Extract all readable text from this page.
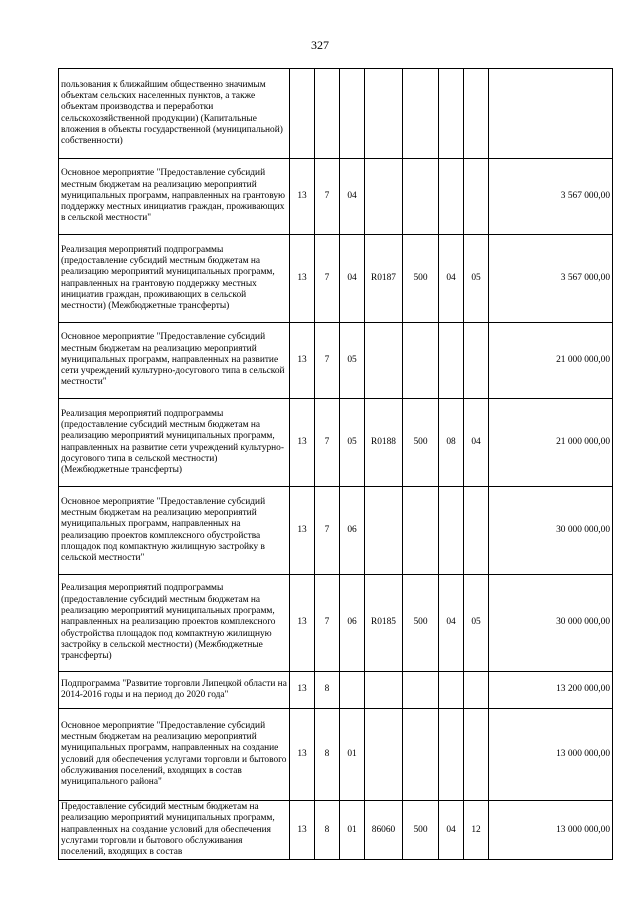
327
пользования к ближайшим общественно значимым объектам сельских населенных пунктов, а также объектам производства и переработки сельскохозяйственной продукции) (Капитальные вложения в объекты государственной (муниципальной) собственности)								
Основное мероприятие "Предоставление субсидий местным бюджетам на реализацию мероприятий муниципальных программ, направленных на грантовую поддержку местных инициатив граждан, проживающих в сельской местности"	13	7	04					3 567 000,00
Реализация мероприятий подпрограммы (предоставление субсидий местным бюджетам на реализацию мероприятий муниципальных программ, направленных на грантовую поддержку местных инициатив граждан, проживающих в сельской местности) (Межбюджетные трансферты)	13	7	04	R0187	500	04	05	3 567 000,00
Основное мероприятие "Предоставление субсидий местным бюджетам на реализацию мероприятий муниципальных программ, направленных на развитие сети учреждений культурно-досугового типа в сельской местности"	13	7	05					21 000 000,00
Реализация мероприятий подпрограммы (предоставление субсидий местным бюджетам на реализацию мероприятий муниципальных программ, направленных на развитие сети учреждений культурно-досугового типа в сельской местности) (Межбюджетные трансферты)	13	7	05	R0188	500	08	04	21 000 000,00
Основное мероприятие "Предоставление субсидий местным бюджетам на реализацию мероприятий муниципальных программ, направленных на реализацию проектов комплексного обустройства площадок под компактную жилищную застройку в сельской местности"	13	7	06					30 000 000,00
Реализация мероприятий подпрограммы (предоставление субсидий местным бюджетам на реализацию мероприятий муниципальных программ, направленных на реализацию проектов комплексного обустройства площадок под компактную жилищную застройку в сельской местности) (Межбюджетные трансферты)	13	7	06	R0185	500	04	05	30 000 000,00
Подпрограмма "Развитие торговли Липецкой области на 2014-2016 годы и на период до 2020 года"	13	8						13 200 000,00
Основное мероприятие "Предоставление субсидий местным бюджетам на реализацию мероприятий муниципальных программ, направленных на создание условий для обеспечения услугами торговли и бытового обслуживания поселений, входящих в состав муниципального района"	13	8	01					13 000 000,00
Предоставление субсидий местным бюджетам на реализацию мероприятий муниципальных программ, направленных на создание условий для обеспечения услугами торговли и бытового обслуживания поселений, входящих в состав	13	8	01	86060	500	04	12	13 000 000,00
